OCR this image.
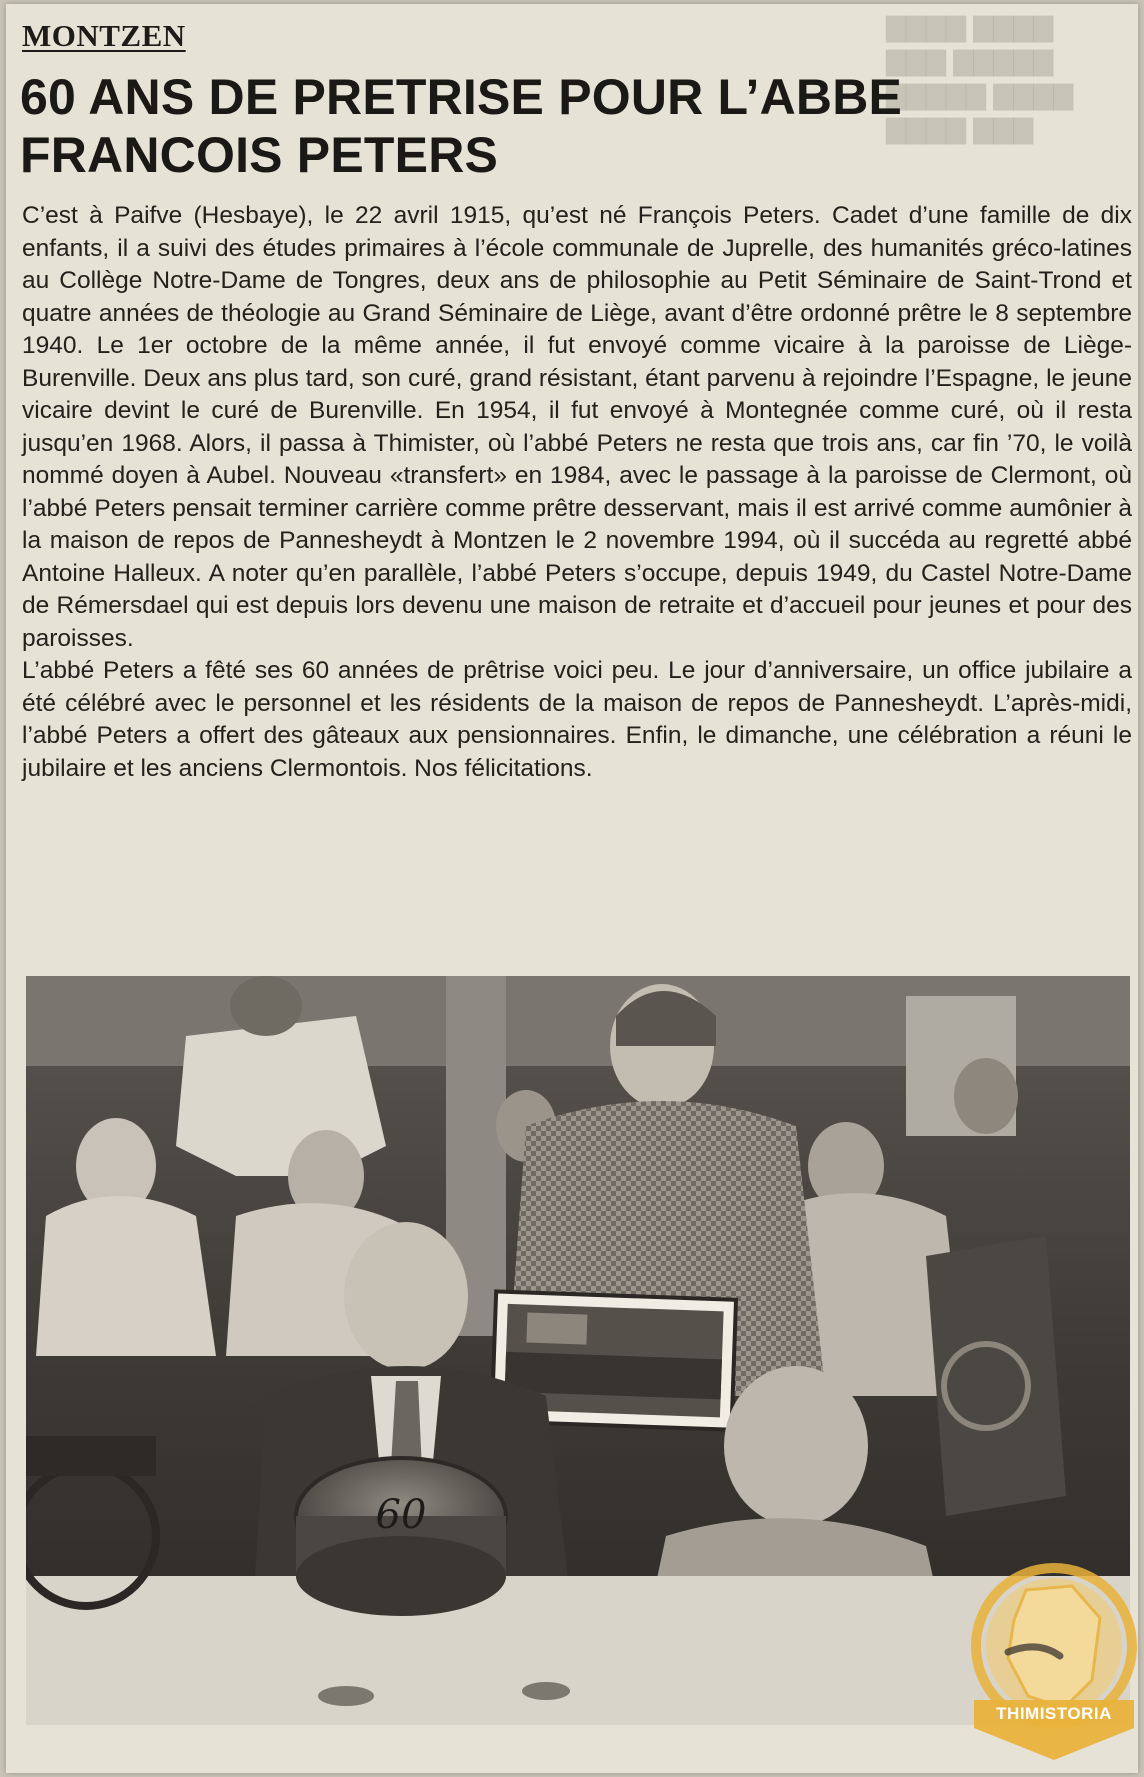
▇▇▇▇ ▇▇▇▇
▇▇▇▇▇ ▇▇▇
▇▇▇▇ ▇▇▇▇▇
▇▇▇ ▇▇▇▇
MONTZEN
60 ANS DE PRETRISE POUR L’ABBE
FRANCOIS PETERS

C’est à Paifve (Hesbaye), le 22 avril 1915, qu’est né François Peters. Cadet d’une famille de dix enfants, il a suivi des études primaires à l’école communale de Juprelle, des humanités gréco-latines au Collège Notre-Dame de Tongres, deux ans de philosophie au Petit Séminaire de Saint-Trond et quatre années de théologie au Grand Séminaire de Liège, avant d’être ordonné prêtre le 8 septembre 1940. Le 1er octobre de la même année, il fut envoyé comme vicaire à la paroisse de Liège-Burenville. Deux ans plus tard, son curé, grand résistant, étant parvenu à rejoindre l’Espagne, le jeune vicaire devint le curé de Burenville. En 1954, il fut envoyé à Montegnée comme curé, où il resta jusqu’en 1968. Alors, il passa à Thimister, où l’abbé Peters ne resta que trois ans, car fin ’70, le voilà nommé doyen à Aubel. Nouveau «transfert» en 1984, avec le passage à la paroisse de Clermont, où l’abbé Peters pensait terminer carrière comme prêtre desservant, mais il est arrivé comme aumônier à la maison de repos de Pannesheydt à Montzen le 2 novembre 1994, où il succéda au regretté abbé Antoine Halleux. A noter qu’en parallèle, l’abbé Peters s’occupe, depuis 1949, du Castel Notre-Dame de Rémersdael qui est depuis lors devenu une maison de retraite et d’accueil pour jeunes et pour des paroisses.

L’abbé Peters a fêté ses 60 années de prêtrise voici peu. Le jour d’anniversaire, un office jubilaire a été célébré avec le personnel et les résidents de la maison de repos de Pannesheydt. L’après-midi, l’abbé Peters a offert des gâteaux aux pensionnaires. Enfin, le dimanche, une célébration a réuni le jubilaire et les anciens Clermontois. Nos félicitations.

60
THIMISTORIA
